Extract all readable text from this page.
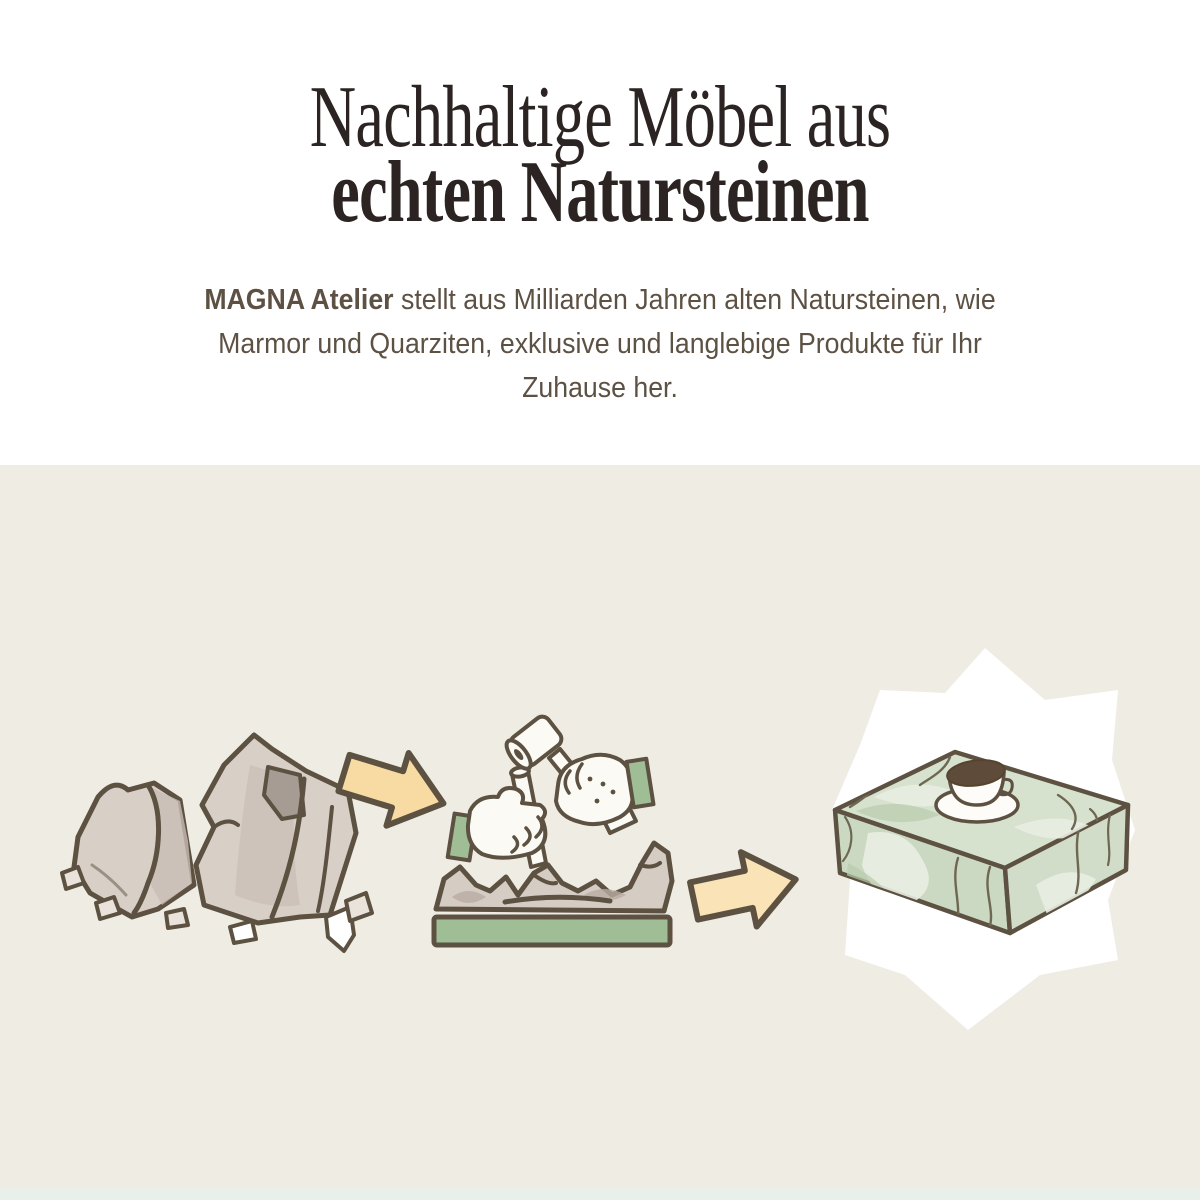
Nachhaltige Möbel aus
echten Natursteinen

MAGNA Atelier stellt aus Milliarden Jahren alten Natursteinen, wie
Marmor und Quarziten, exklusive und langlebige Produkte für Ihr
Zuhause her.
